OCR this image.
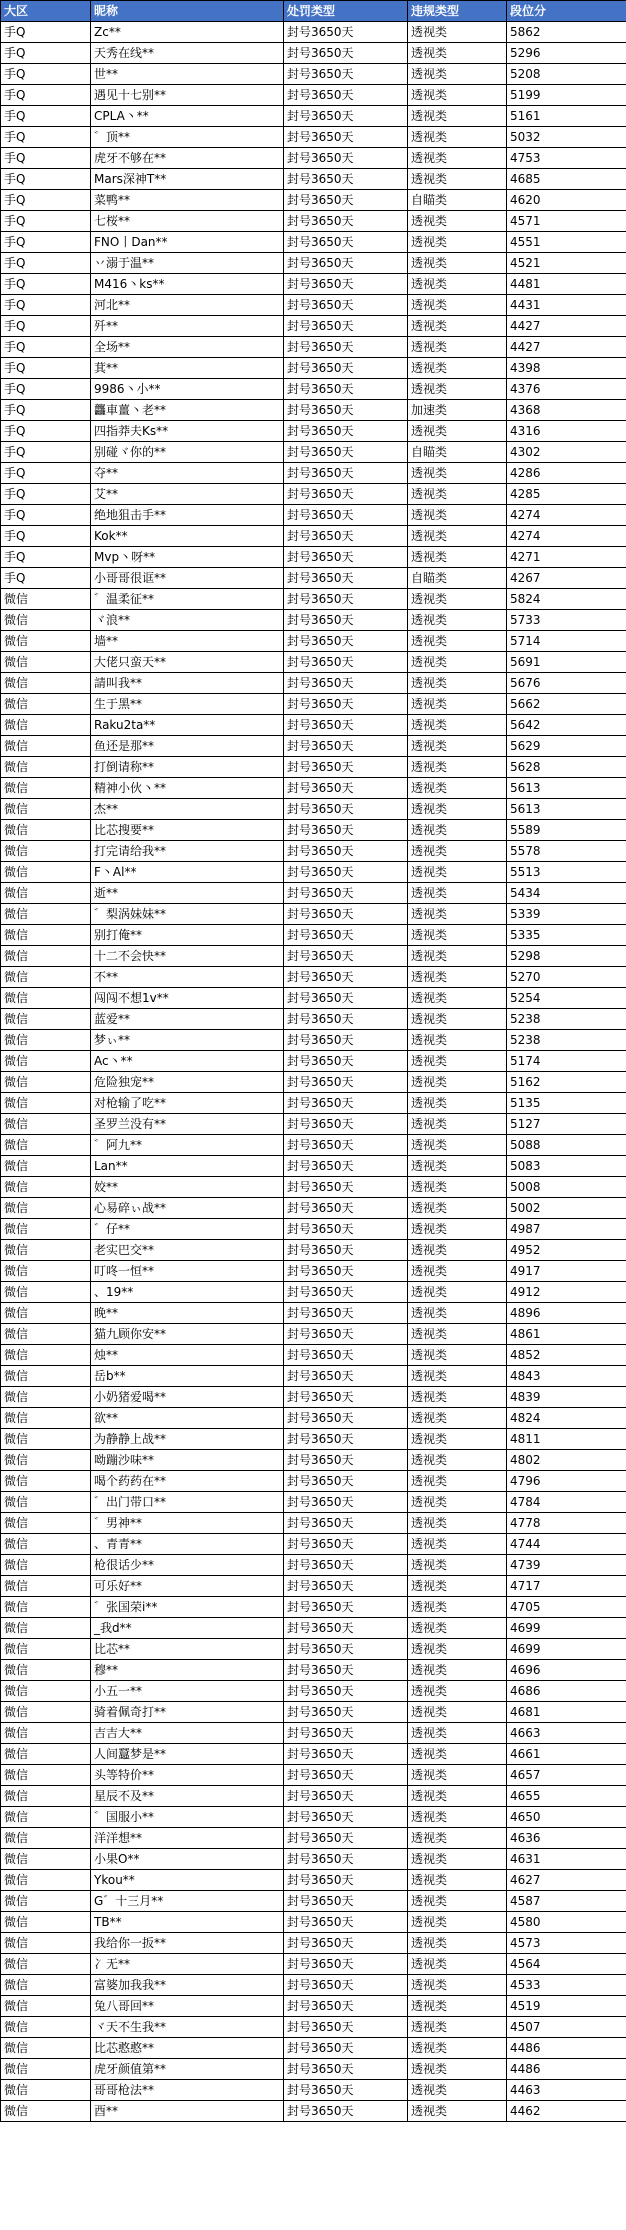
大区	昵称	处罚类型	违规类型	段位分
手Q	Zc**	封号3650天	透视类	5862
手Q	天秀在线**	封号3650天	透视类	5296
手Q	世**	封号3650天	透视类	5208
手Q	遇见十七别**	封号3650天	透视类	5199
手Q	CPLA丶**	封号3650天	透视类	5161
手Q	゛顶**	封号3650天	透视类	5032
手Q	虎牙不够在**	封号3650天	透视类	4753
手Q	Mars深神T**	封号3650天	透视类	4685
手Q	菜鸭**	封号3650天	自瞄类	4620
手Q	七桜**	封号3650天	透视类	4571
手Q	FNO丨Dan**	封号3650天	透视类	4551
手Q	丷溺于温**	封号3650天	透视类	4521
手Q	M416丶ks**	封号3650天	透视类	4481
手Q	河北**	封号3650天	透视类	4431
手Q	歼**	封号3650天	透视类	4427
手Q	全场**	封号3650天	透视类	4427
手Q	萁**	封号3650天	透视类	4398
手Q	9986丶小**	封号3650天	透视类	4376
手Q	龘車薑丶老**	封号3650天	加速类	4368
手Q	四指莽夫Ks**	封号3650天	透视类	4316
手Q	别碰ヾ你的**	封号3650天	自瞄类	4302
手Q	夺**	封号3650天	透视类	4286
手Q	艾**	封号3650天	透视类	4285
手Q	绝地狙击手**	封号3650天	透视类	4274
手Q	Kok**	封号3650天	透视类	4274
手Q	Mvp丶呀**	封号3650天	透视类	4271
手Q	小哥哥很诓**	封号3650天	自瞄类	4267
微信	゛温柔征**	封号3650天	透视类	5824
微信	ヾ浪**	封号3650天	透视类	5733
微信	墙**	封号3650天	透视类	5714
微信	大佬只蛮天**	封号3650天	透视类	5691
微信	請叫我**	封号3650天	透视类	5676
微信	生于黑**	封号3650天	透视类	5662
微信	Raku2ta**	封号3650天	透视类	5642
微信	鱼还是那**	封号3650天	透视类	5629
微信	打倒请称**	封号3650天	透视类	5628
微信	精神小伙丶**	封号3650天	透视类	5613
微信	杰**	封号3650天	透视类	5613
微信	比芯搜要**	封号3650天	透视类	5589
微信	打完请给我**	封号3650天	透视类	5578
微信	F丶Al**	封号3650天	透视类	5513
微信	逝**	封号3650天	透视类	5434
微信	゛梨涡妹妹**	封号3650天	透视类	5339
微信	别打俺**	封号3650天	透视类	5335
微信	十二不会快**	封号3650天	透视类	5298
微信	不**	封号3650天	透视类	5270
微信	闯闯不想1v**	封号3650天	透视类	5254
微信	蓝爱**	封号3650天	透视类	5238
微信	梦ぃ**	封号3650天	透视类	5238
微信	Ac丶**	封号3650天	透视类	5174
微信	危险独宠**	封号3650天	透视类	5162
微信	对枪输了吃**	封号3650天	透视类	5135
微信	圣罗兰没有**	封号3650天	透视类	5127
微信	゛阿九**	封号3650天	透视类	5088
微信	Lan**	封号3650天	透视类	5083
微信	姣**	封号3650天	透视类	5008
微信	心易碎ぃ战**	封号3650天	透视类	5002
微信	゛仔**	封号3650天	透视类	4987
微信	老实巴交**	封号3650天	透视类	4952
微信	叮咚一恒**	封号3650天	透视类	4917
微信	、19**	封号3650天	透视类	4912
微信	晚**	封号3650天	透视类	4896
微信	猫九顾你安**	封号3650天	透视类	4861
微信	烛**	封号3650天	透视类	4852
微信	岳b**	封号3650天	透视类	4843
微信	小奶猪爱喝**	封号3650天	透视类	4839
微信	欲**	封号3650天	透视类	4824
微信	为静静上战**	封号3650天	透视类	4811
微信	呦蹦沙味**	封号3650天	透视类	4802
微信	喝个药药在**	封号3650天	透视类	4796
微信	゛出门带口**	封号3650天	透视类	4784
微信	゛男神**	封号3650天	透视类	4778
微信	、青青**	封号3650天	透视类	4744
微信	枪很话少**	封号3650天	透视类	4739
微信	可乐好**	封号3650天	透视类	4717
微信	゛张国荣i**	封号3650天	透视类	4705
微信	_我d**	封号3650天	透视类	4699
微信	比芯**	封号3650天	透视类	4699
微信	穆**	封号3650天	透视类	4696
微信	小五一**	封号3650天	透视类	4686
微信	骑着佩奇打**	封号3650天	透视类	4681
微信	吉吉大**	封号3650天	透视类	4663
微信	人间蠶梦是**	封号3650天	透视类	4661
微信	头等特价**	封号3650天	透视类	4657
微信	星辰不及**	封号3650天	透视类	4655
微信	゛国服小**	封号3650天	透视类	4650
微信	洋洋想**	封号3650天	透视类	4636
微信	小果O**	封号3650天	透视类	4631
微信	Ykou**	封号3650天	透视类	4627
微信	G゛十三月**	封号3650天	透视类	4587
微信	TB**	封号3650天	透视类	4580
微信	我给你一扳**	封号3650天	透视类	4573
微信	冫无**	封号3650天	透视类	4564
微信	富婆加我我**	封号3650天	透视类	4533
微信	兔八哥回**	封号3650天	透视类	4519
微信	ヾ天不生我**	封号3650天	透视类	4507
微信	比芯憨憨**	封号3650天	透视类	4486
微信	虎牙颜值第**	封号3650天	透视类	4486
微信	哥哥枪法**	封号3650天	透视类	4463
微信	酉**	封号3650天	透视类	4462
